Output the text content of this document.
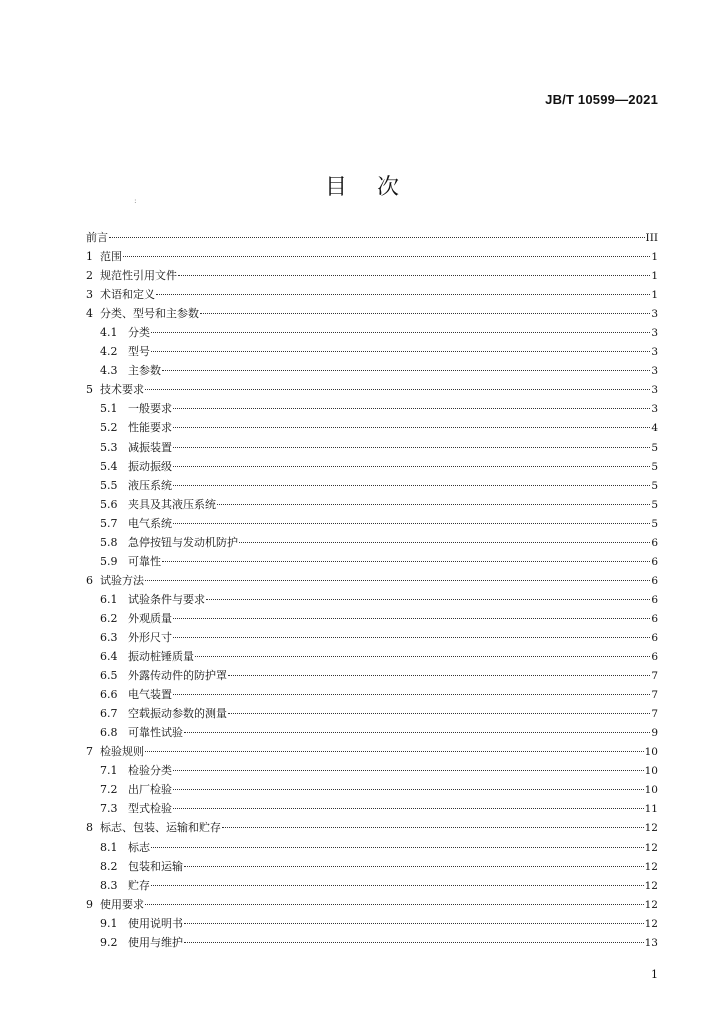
JB/T 10599—2021
目次
前言	III
1 范围	1
2 规范性引用文件	1
3 术语和定义	1
4 分类、型号和主参数	3
4.1 分类	3
4.2 型号	3
4.3 主参数	3
5 技术要求	3
5.1 一般要求	3
5.2 性能要求	4
5.3 减振装置	5
5.4 振动振级	5
5.5 液压系统	5
5.6 夹具及其液压系统	5
5.7 电气系统	5
5.8 急停按钮与发动机防护	6
5.9 可靠性	6
6 试验方法	6
6.1 试验条件与要求	6
6.2 外观质量	6
6.3 外形尺寸	6
6.4 振动桩锤质量	6
6.5 外露传动件的防护罩	7
6.6 电气装置	7
6.7 空载振动参数的测量	7
6.8 可靠性试验	9
7 检验规则	10
7.1 检验分类	10
7.2 出厂检验	10
7.3 型式检验	11
8 标志、包装、运输和贮存	12
8.1 标志	12
8.2 包装和运输	12
8.3 贮存	12
9 使用要求	12
9.1 使用说明书	12
9.2 使用与维护	13
1
:
